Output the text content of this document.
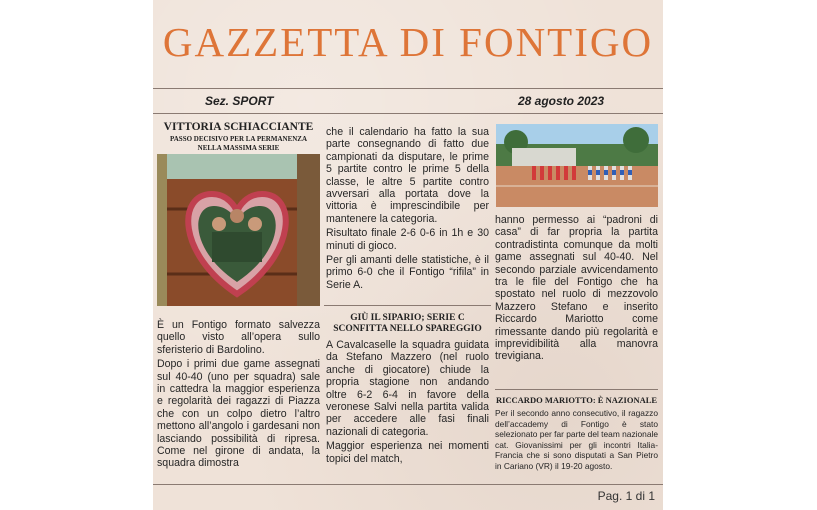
GAZZETTA DI FONTIGO
Sez. SPORT	28 agosto 2023
VITTORIA SCHIACCIANTE
PASSO DECISIVO PER LA PERMANENZA NELLA MASSIMA SERIE

È un Fontigo formato salvezza quello visto all’opera sullo sferisterio di Bardolino.

Dopo i primi due game assegnati sul 40-40 (uno per squadra) sale in cattedra la maggior esperienza e regolarità dei ragazzi di Piazza che con un colpo dietro l’altro mettono all’angolo i gardesani non lasciando possibilità di ripresa. Come nel girone di andata, la squadra dimostra

che il calendario ha fatto la sua parte consegnando di fatto due campionati da disputare, le prime 5 partite contro le prime 5 della classe, le altre 5 partite contro avversari alla portata dove la vittoria è imprescindibile per mantenere la categoria.

Risultato finale 2-6 0-6 in 1h e 30 minuti di gioco.

Per gli amanti delle statistiche, è il primo 6-0 che il Fontigo “rifila” in Serie A.

GIÙ IL SIPARIO; SERIE C SCONFITTA NELLO SPAREGGIO

A Cavalcaselle la squadra guidata da Stefano Mazzero (nel ruolo anche di giocatore) chiude la propria stagione non andando oltre 6-2 6-4 in favore della veronese Salvi nella partita valida per accedere alle fasi finali nazionali di categoria.

Maggior esperienza nei momenti topici del match,

hanno permesso ai “padroni di casa” di far propria la partita contradistinta comunque da molti game assegnati sul 40-40. Nel secondo parziale avvicendamento tra le file del Fontigo che ha spostato nel ruolo di mezzovolo Mazzero Stefano e inserito Riccardo Mariotto come rimessante dando più regolarità e imprevidibilità alla manovra trevigiana.

RICCARDO MARIOTTO: È NAZIONALE
Per il secondo anno consecutivo, il ragazzo dell’accademy di Fontigo è stato selezionato per far parte del team nazionale cat. Giovanissimi per gli incontri Italia-Francia che si sono disputati a San Pietro in Cariano (VR) il 19-20 agosto.
Pag. 1 di 1
